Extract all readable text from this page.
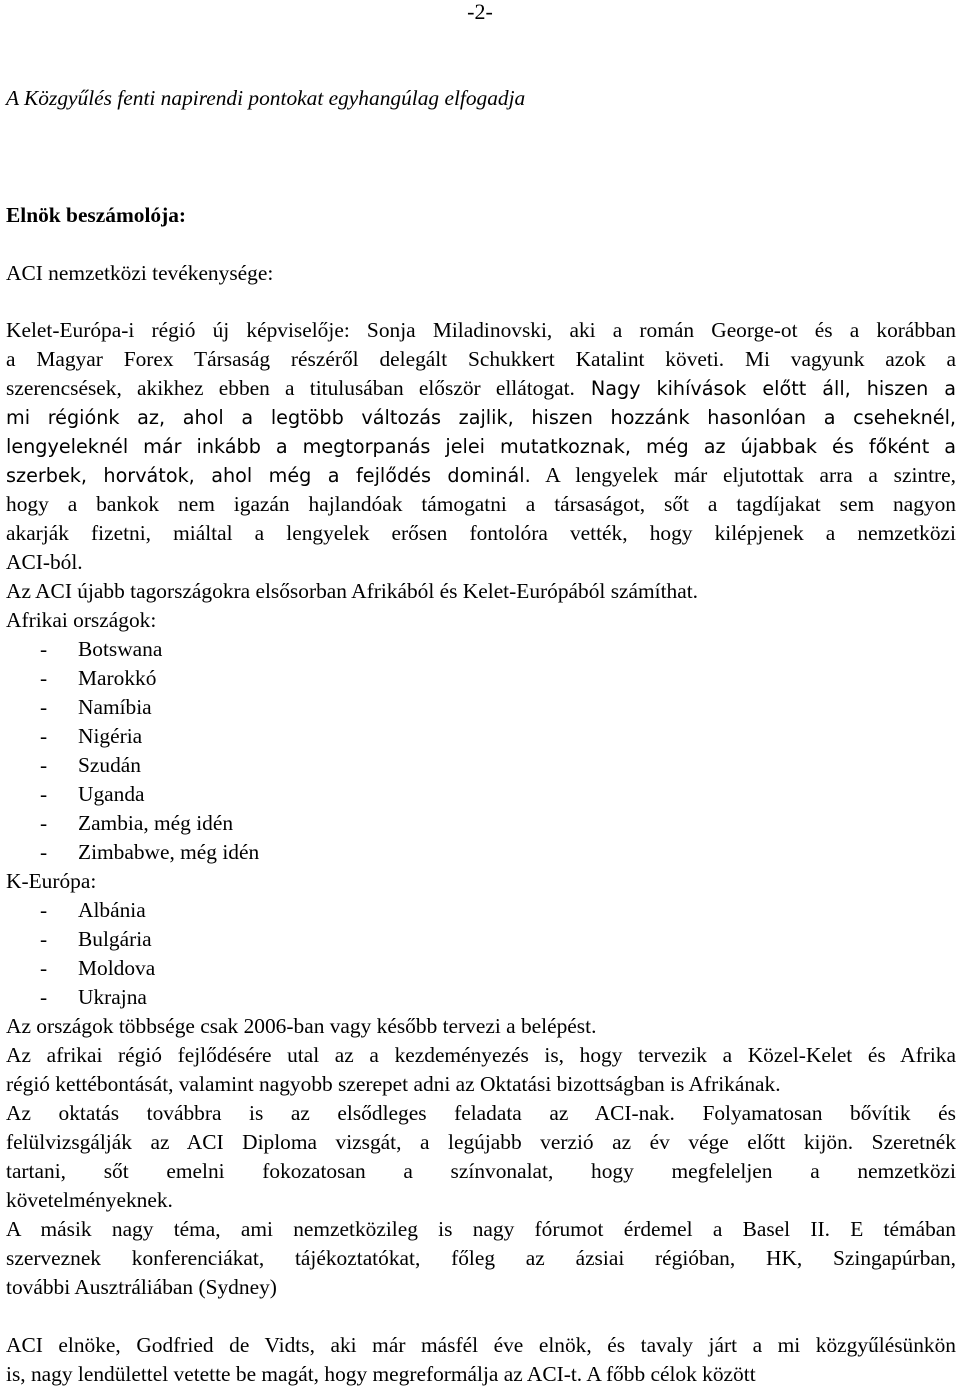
-2-

A Közgyűlés fenti napirendi pontokat egyhangúlag elfogadja

Elnök beszámolója:

ACI nemzetközi tevékenysége:

Kelet-Európa-i régió új képviselője: Sonja Miladinovski, aki a román George-ot és a korábban

a Magyar Forex Társaság részéről delegált Schukkert Katalint követi. Mi vagyunk azok a

szerencsések, akikhez ebben a titulusában először ellátogat. Nagy kihívások előtt áll, hiszen a

mi régiónk az, ahol a legtöbb változás zajlik, hiszen hozzánk hasonlóan a cseheknél,

lengyeleknél már inkább a megtorpanás jelei mutatkoznak, még az újabbak és főként a

szerbek, horvátok, ahol még a fejlődés dominál. A lengyelek már eljutottak arra a szintre,

hogy a bankok nem igazán hajlandóak támogatni a társaságot, sőt a tagdíjakat sem nagyon

akarják fizetni, miáltal a lengyelek erősen fontolóra vették, hogy kilépjenek a nemzetközi

ACI-ból.

Az ACI újabb tagországokra elsősorban Afrikából és Kelet-Európából számíthat.

Afrikai országok:

- Botswana

- Marokkó

- Namíbia

- Nigéria

- Szudán

- Uganda

- Zambia, még idén

- Zimbabwe, még idén

K-Európa:

- Albánia

- Bulgária

- Moldova

- Ukrajna

Az országok többsége csak 2006-ban vagy később tervezi a belépést.

Az afrikai régió fejlődésére utal az a kezdeményezés is, hogy tervezik a Közel-Kelet és Afrika

régió kettébontását, valamint nagyobb szerepet adni az Oktatási bizottságban is Afrikának.

Az oktatás továbbra is az elsődleges feladata az ACI-nak. Folyamatosan bővítik és

felülvizsgálják az ACI Diploma vizsgát, a legújabb verzió az év vége előtt kijön. Szeretnék

tartani, sőt emelni fokozatosan a színvonalat, hogy megfeleljen a nemzetközi

követelményeknek.

A másik nagy téma, ami nemzetközileg is nagy fórumot érdemel a Basel II. E témában

szerveznek konferenciákat, tájékoztatókat, főleg az ázsiai régióban, HK, Szingapúrban,

további Ausztráliában (Sydney)

ACI elnöke, Godfried de Vidts, aki már másfél éve elnök, és tavaly járt a mi közgyűlésünkön

is, nagy lendülettel vetette be magát, hogy megreformálja az ACI-t. A főbb célok között
